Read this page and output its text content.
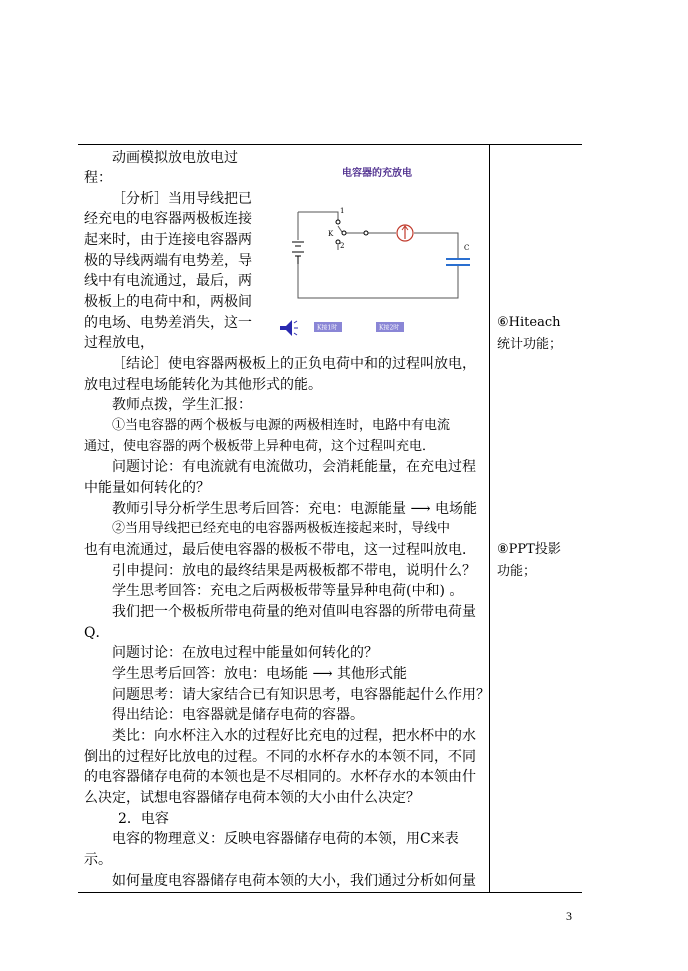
动画模拟放电放电过
程：
［分析］当用导线把已
经充电的电容器两极板连接
起来时，由于连接电容器两
极的导线两端有电势差，导
线中有电流通过，最后，两
极板上的电荷中和，两极间
的电场、电势差消失，这一
过程放电，
［结论］使电容器两极板上的正负电荷中和的过程叫放电，
放电过程电场能转化为其他形式的能。
教师点拨，学生汇报：
①当电容器的两个极板与电源的两极相连时，电路中有电流
通过，使电容器的两个极板带上异种电荷，这个过程叫充电．
问题讨论：有电流就有电流做功，会消耗能量，在充电过程
中能量如何转化的？
教师引导分析学生思考后回答：充电：电源能量 ⟶ 电场能
②当用导线把已经充电的电容器两极板连接起来时，导线中
也有电流通过，最后使电容器的极板不带电，这一过程叫放电．
引申提问：放电的最终结果是两极板都不带电，说明什么？
学生思考回答：充电之后两极板带等量异种电荷(中和) 。
我们把一个极板所带电荷量的绝对值叫电容器的所带电荷量
Q．
问题讨论：在放电过程中能量如何转化的？
学生思考后回答：放电：电场能 ⟶ 其他形式能
问题思考：请大家结合已有知识思考，电容器能起什么作用？
得出结论：电容器就是储存电荷的容器。
类比：向水杯注入水的过程好比充电的过程，把水杯中的水
倒出的过程好比放电的过程。不同的水杯存水的本领不同，不同
的电容器储存电荷的本领也是不尽相同的。水杯存水的本领由什
么决定，试想电容器储存电荷本领的大小由什么决定？
2．电容
电容的物理意义：反映电容器储存电荷的本领，用C来表
示。
如何量度电容器储存电荷本领的大小，我们通过分析如何量
电容器的充放电
1
K
2	C
K接1时	K接2时	⑥Hiteach
统计功能；
⑧PPT投影
功能；
3
